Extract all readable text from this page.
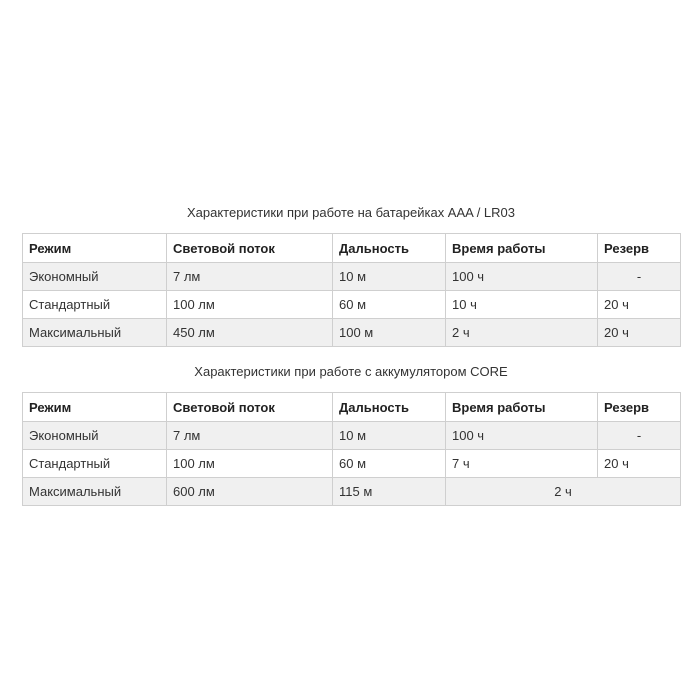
Характеристики при работе на батарейках AAA / LR03
Режим	Световой поток	Дальность	Время работы	Резерв
Экономный	7 лм	10 м	100 ч	-
Стандартный	100 лм	60 м	10 ч	20 ч
Максимальный	450 лм	100 м	2 ч	20 ч
Характеристики при работе с аккумулятором CORE
Режим	Световой поток	Дальность	Время работы	Резерв
Экономный	7 лм	10 м	100 ч	-
Стандартный	100 лм	60 м	7 ч	20 ч
Максимальный	600 лм	115 м	2 ч	
